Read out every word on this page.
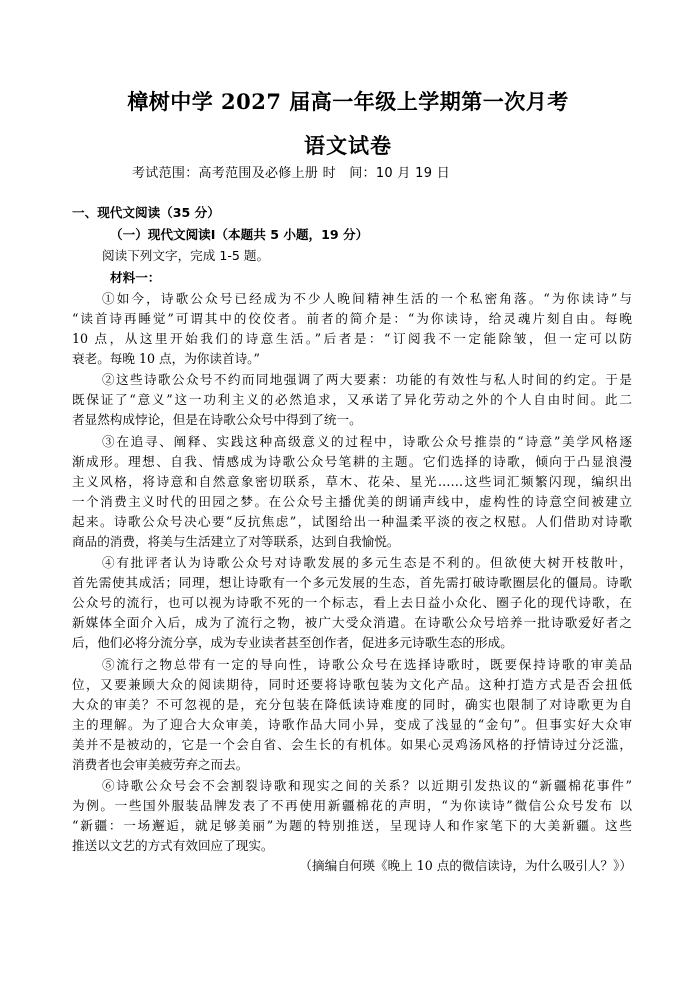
樟树中学 2027 届高一年级上学期第一次月考
语文试卷
考试范围：高考范围及必修上册 时　间：10 月 19 日
一、现代文阅读（35 分）
（一）现代文阅读Ⅰ（本题共 5 小题，19 分）
阅读下列文字，完成 1-5 题。
材料一：
①如今，诗歌公众号已经成为不少人晚间精神生活的一个私密角落。“为你读诗”与
“读首诗再睡觉”可谓其中的佼佼者。前者的简介是：“为你读诗，给灵魂片刻自由。每晚
10 点，从这里开始我们的诗意生活。”后者是：“订阅我不一定能除皱，但一定可以防
衰老。每晚 10 点，为你读首诗。”
②这些诗歌公众号不约而同地强调了两大要素：功能的有效性与私人时间的约定。于是
既保证了“意义”这一功利主义的必然追求，又承诺了异化劳动之外的个人自由时间。此二
者显然构成悖论，但是在诗歌公众号中得到了统一。
③在追寻、阐释、实践这种高级意义的过程中，诗歌公众号推崇的“诗意”美学风格逐
渐成形。理想、自我、情感成为诗歌公众号笔耕的主题。它们选择的诗歌，倾向于凸显浪漫
主义风格，将诗意和自然意象密切联系，草木、花朵、星光……这些词汇频繁闪现，编织出
一个消费主义时代的田园之梦。在公众号主播优美的朗诵声线中，虚构性的诗意空间被建立
起来。诗歌公众号决心要“反抗焦虑”，试图给出一种温柔平淡的夜之权慰。人们借助对诗歌
商品的消费，将美与生活建立了对等联系，达到自我愉悦。
④有批评者认为诗歌公众号对诗歌发展的多元生态是不利的。但欲使大树开枝散叶，
首先需使其成活；同理，想让诗歌有一个多元发展的生态，首先需打破诗歌圈层化的僵局。诗歌
公众号的流行，也可以视为诗歌不死的一个标志，看上去日益小众化、圈子化的现代诗歌，在
新媒体全面介入后，成为了流行之物，被广大受众消遣。在诗歌公众号培养一批诗歌爱好者之
后，他们必将分流分享，成为专业读者甚至创作者，促进多元诗歌生态的形成。
⑤流行之物总带有一定的导向性，诗歌公众号在选择诗歌时，既要保持诗歌的审美品
位，又要兼顾大众的阅读期待，同时还要将诗歌包装为文化产品。这种打造方式是否会扭低
大众的审美？不可忽视的是，充分包装在降低读诗难度的同时，确实也限制了对诗歌更为自
主的理解。为了迎合大众审美，诗歌作品大同小异，变成了浅显的“金句”。但事实好大众审
美并不是被动的，它是一个会自省、会生长的有机体。如果心灵鸡汤风格的抒情诗过分泛滥，
消费者也会审美疲劳弃之而去。
⑥诗歌公众号会不会割裂诗歌和现实之间的关系？以近期引发热议的“新疆棉花事件”
为例。一些国外服装品牌发表了不再使用新疆棉花的声明，“为你读诗”微信公众号发布 以
“新疆：一场邂逅，就足够美丽”为题的特别推送，呈现诗人和作家笔下的大美新疆。这些
推送以文艺的方式有效回应了现实。
（摘编自何瑛《晚上 10 点的微信读诗，为什么吸引人？》）
